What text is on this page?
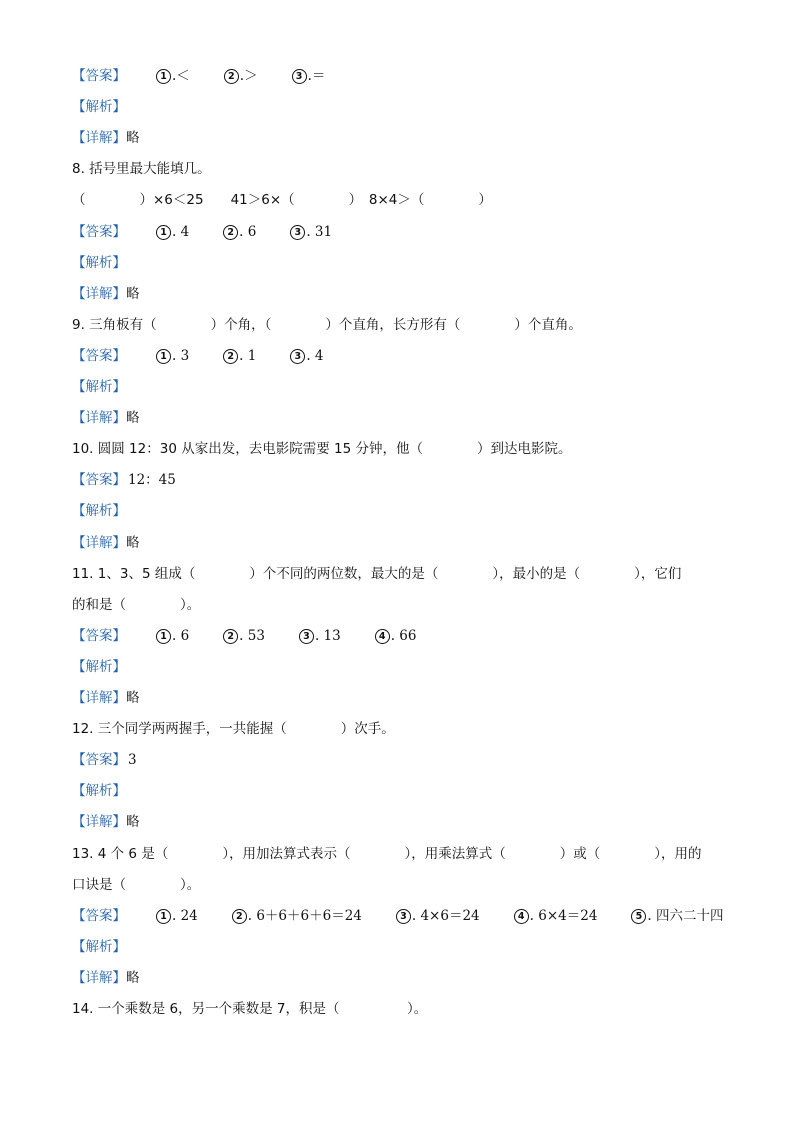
【答案】	1 .＜	2 .＞	3 .＝
【解析】
【详解】略
8. 括号里最大能填几。
（　　　　）×6＜25　　41＞6×（　　　　）　8×4＞（　　　　）
【答案】	1 . 4	2 . 6	3 . 31
【解析】
【详解】略
9. 三角板有（　　　　）个角，（　　　　）个直角，长方形有（　　　　）个直角。
【答案】	1 . 3	2 . 1	3 . 4
【解析】
【详解】略
10. 圆圆 12：30 从家出发，去电影院需要 15 分钟，他（　　　　）到达电影院。
【答案】 12：45
【解析】
【详解】略
11. 1、3、5 组成（　　　　）个不同的两位数，最大的是（　　　　），最小的是（　　　　），它们
的和是（　　　　）。
【答案】	1 . 6	2 . 53	3 . 13	4 . 66
【解析】
【详解】略
12. 三个同学两两握手，一共能握（　　　　）次手。
【答案】 3
【解析】
【详解】略
13. 4 个 6 是（　　　　），用加法算式表示（　　　　），用乘法算式（　　　　）或（　　　　），用的
口诀是（　　　　）。
【答案】	1 . 24	2 . 6＋6＋6＋6＝24	3 . 4×6＝24	4 . 6×4＝24	5 . 四六二十四
【解析】
【详解】略
14. 一个乘数是 6，另一个乘数是 7，积是（　　　　　）。
